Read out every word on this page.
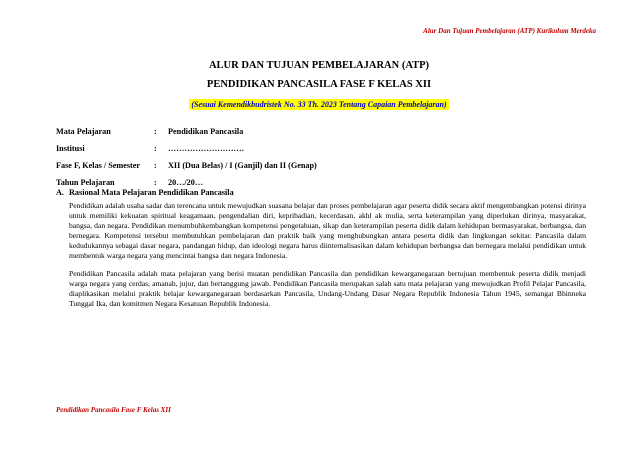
Alur Dan Tujuan Pembelajaran (ATP) Kurikulum Merdeka
ALUR DAN TUJUAN PEMBELAJARAN (ATP)
PENDIDIKAN PANCASILA FASE F KELAS XII
(Sesuai Kemendikbudristek No. 33 Th. 2023 Tentang Capaian Pembelajaran)
Mata Pelajaran	:	Pendidikan Pancasila
Institusi	:	……………………….
Fase F, Kelas / Semester	:	XII (Dua Belas) / I (Ganjil) dan II (Genap)
Tahun Pelajaran	:	20…/20…
A. Rasional Mata Pelajaran Pendidikan Pancasila

Pendidikan adalah usaha sadar dan terencana untuk mewujudkan suasana belajar dan proses pembelajaran agar peserta didik secara aktif mengembangkan potensi dirinya untuk memiliki kekuatan spiritual keagamaan, pengendalian diri, kepribadian, kecerdasan, akhl ak mulia, serta keterampilan yang diperlukan dirinya, masyarakat, bangsa, dan negara. Pendidikan menumbuhkembangkan kompetensi pengetahuan, sikap dan keterampilan peserta didik dalam kehidupan bermasyarakat, berbangsa, dan bernegara. Kompetensi tersebut membutuhkan pembelajaran dan praktik baik yang menghubungkan antara peserta didik dan lingkungan sekitar. Pancasila dalam kedudukannya sebagai dasar negara, pandangan hidup, dan ideologi negara harus diinternalisasikan dalam kehidupan berbangsa dan bernegara melalui pendidikan untuk membentuk warga negara yang mencintai bangsa dan negara Indonesia.

Pendidikan Pancasila adalah mata pelajaran yang berisi muatan pendidikan Pancasila dan pendidikan kewarganegaraan bertujuan membentuk peserta didik menjadi warga negara yang cerdas, amanah, jujur, dan bertanggung jawab. Pendidikan Pancasila merupakan salah satu mata pelajaran yang mewujudkan Profil Pelajar Pancasila, diaplikasikan melalui praktik belajar kewarganegaraan berdasarkan Pancasila, Undang-Undang Dasar Negara Republik Indonesia Tahun 1945, semangat Bhinneka Tunggal Ika, dan komitmen Negara Kesatuan Republik Indonesia.

Pendidikan Pancasila Fase F Kelas XII
